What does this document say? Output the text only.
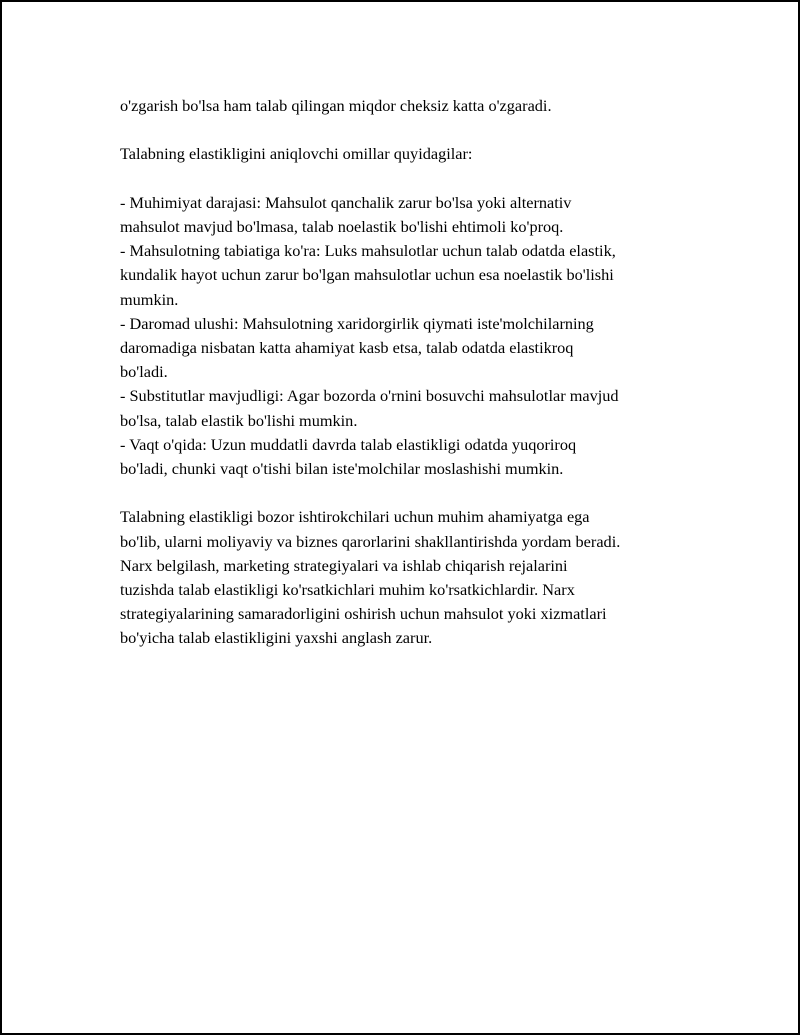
o'zgarish bo'lsa ham talab qilingan miqdor cheksiz katta o'zgaradi.

Talabning elastikligini aniqlovchi omillar quyidagilar:

- Muhimiyat darajasi: Mahsulot qanchalik zarur bo'lsa yoki alternativ
mahsulot mavjud bo'lmasa, talab noelastik bo'lishi ehtimoli ko'proq.

- Mahsulotning tabiatiga ko'ra: Luks mahsulotlar uchun talab odatda elastik,
kundalik hayot uchun zarur bo'lgan mahsulotlar uchun esa noelastik bo'lishi
mumkin.

- Daromad ulushi: Mahsulotning xaridorgirlik qiymati iste'molchilarning
daromadiga nisbatan katta ahamiyat kasb etsa, talab odatda elastikroq
bo'ladi.

- Substitutlar mavjudligi: Agar bozorda o'rnini bosuvchi mahsulotlar mavjud
bo'lsa, talab elastik bo'lishi mumkin.

- Vaqt o'qida: Uzun muddatli davrda talab elastikligi odatda yuqoriroq
bo'ladi, chunki vaqt o'tishi bilan iste'molchilar moslashishi mumkin.

Talabning elastikligi bozor ishtirokchilari uchun muhim ahamiyatga ega
bo'lib, ularni moliyaviy va biznes qarorlarini shakllantirishda yordam beradi.
Narx belgilash, marketing strategiyalari va ishlab chiqarish rejalarini
tuzishda talab elastikligi ko'rsatkichlari muhim ko'rsatkichlardir. Narx
strategiyalarining samaradorligini oshirish uchun mahsulot yoki xizmatlari
bo'yicha talab elastikligini yaxshi anglash zarur.
